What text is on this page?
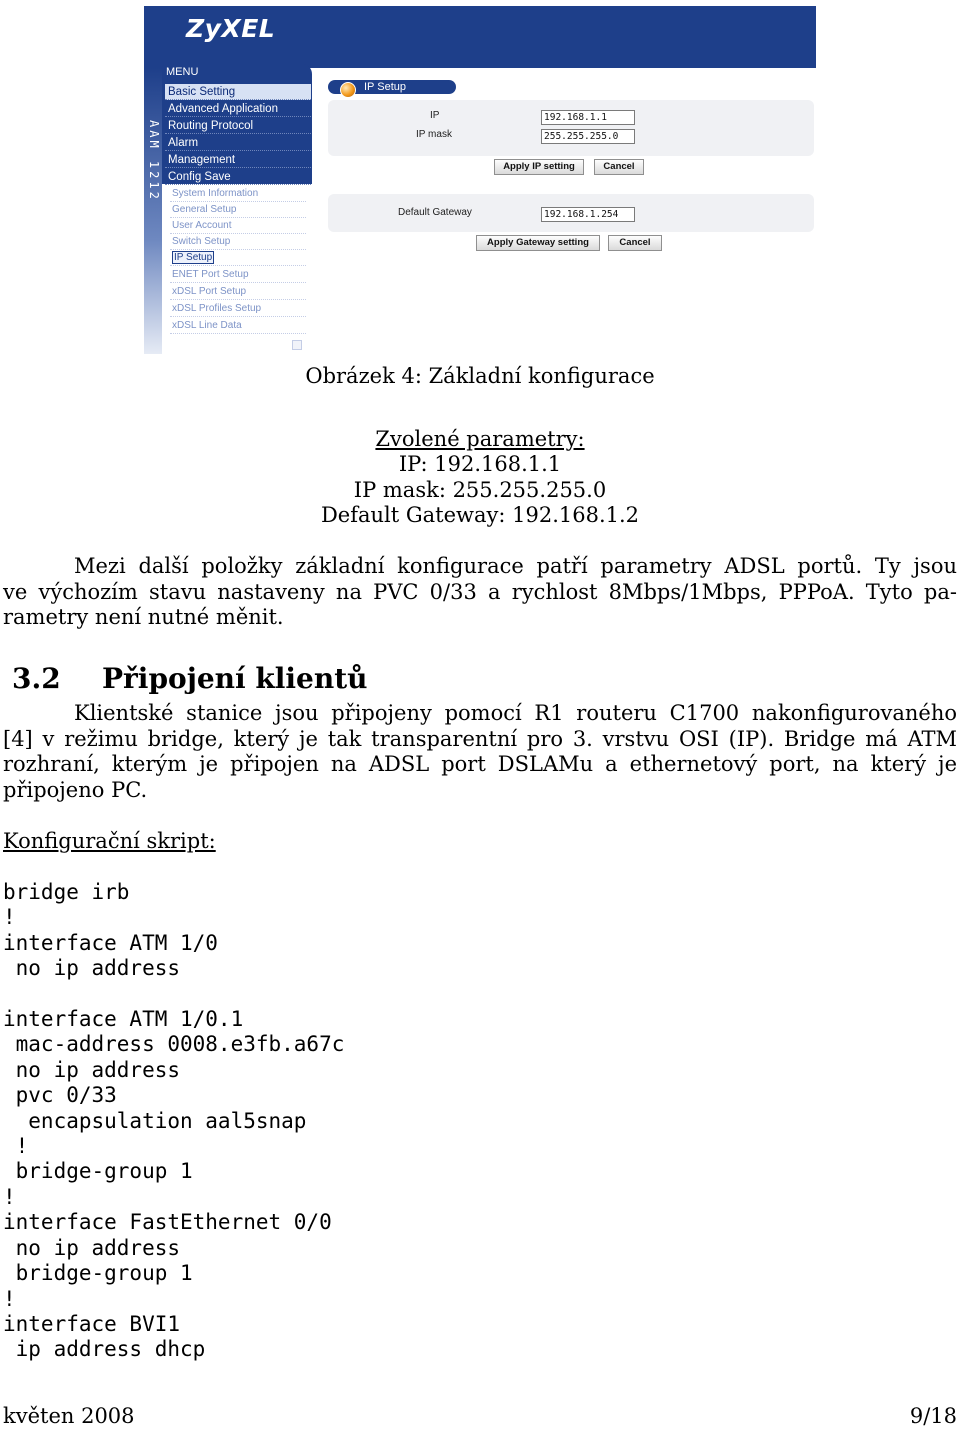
ZyXEL
AAM 1212
MENU
Basic Setting
Advanced Application
Routing Protocol
Alarm
Management
Config Save
System Information
General Setup
User Account
Switch Setup
IP Setup
ENET Port Setup
xDSL Port Setup
xDSL Profiles Setup
xDSL Line Data
IP Setup
IP	192.168.1.1
IP mask	255.255.255.0
Apply IP setting	Cancel
Default Gateway	192.168.1.254
Apply Gateway setting	Cancel
Obrázek 4: Základní konfigurace
Zvolené parametry:
IP: 192.168.1.1
IP mask: 255.255.255.0
Default Gateway: 192.168.1.2
Mezi další položky základní konfigurace patří parametry ADSL portů. Ty jsou
ve výchozím stavu nastaveny na PVC 0/33 a rychlost 8Mbps/1Mbps, PPPoA. Tyto pa-
rametry není nutné měnit.
3.2 Připojení klientů
Klientské stanice jsou připojeny pomocí R1 routeru C1700 nakonfigurovaného
[4] v režimu bridge, který je tak transparentní pro 3. vrstvu OSI (IP). Bridge má ATM
rozhraní, kterým je připojen na ADSL port DSLAMu a ethernetový port, na který je
připojeno PC.
Konfigurační skript:
bridge irb
!
interface ATM 1/0
no ip address

interface ATM 1/0.1
mac-address 0008.e3fb.a67c
no ip address
pvc 0/33
encapsulation aal5snap
!
bridge-group 1
!
interface FastEthernet 0/0
no ip address
bridge-group 1
!
interface BVI1
ip address dhcp
květen 2008	9/18
